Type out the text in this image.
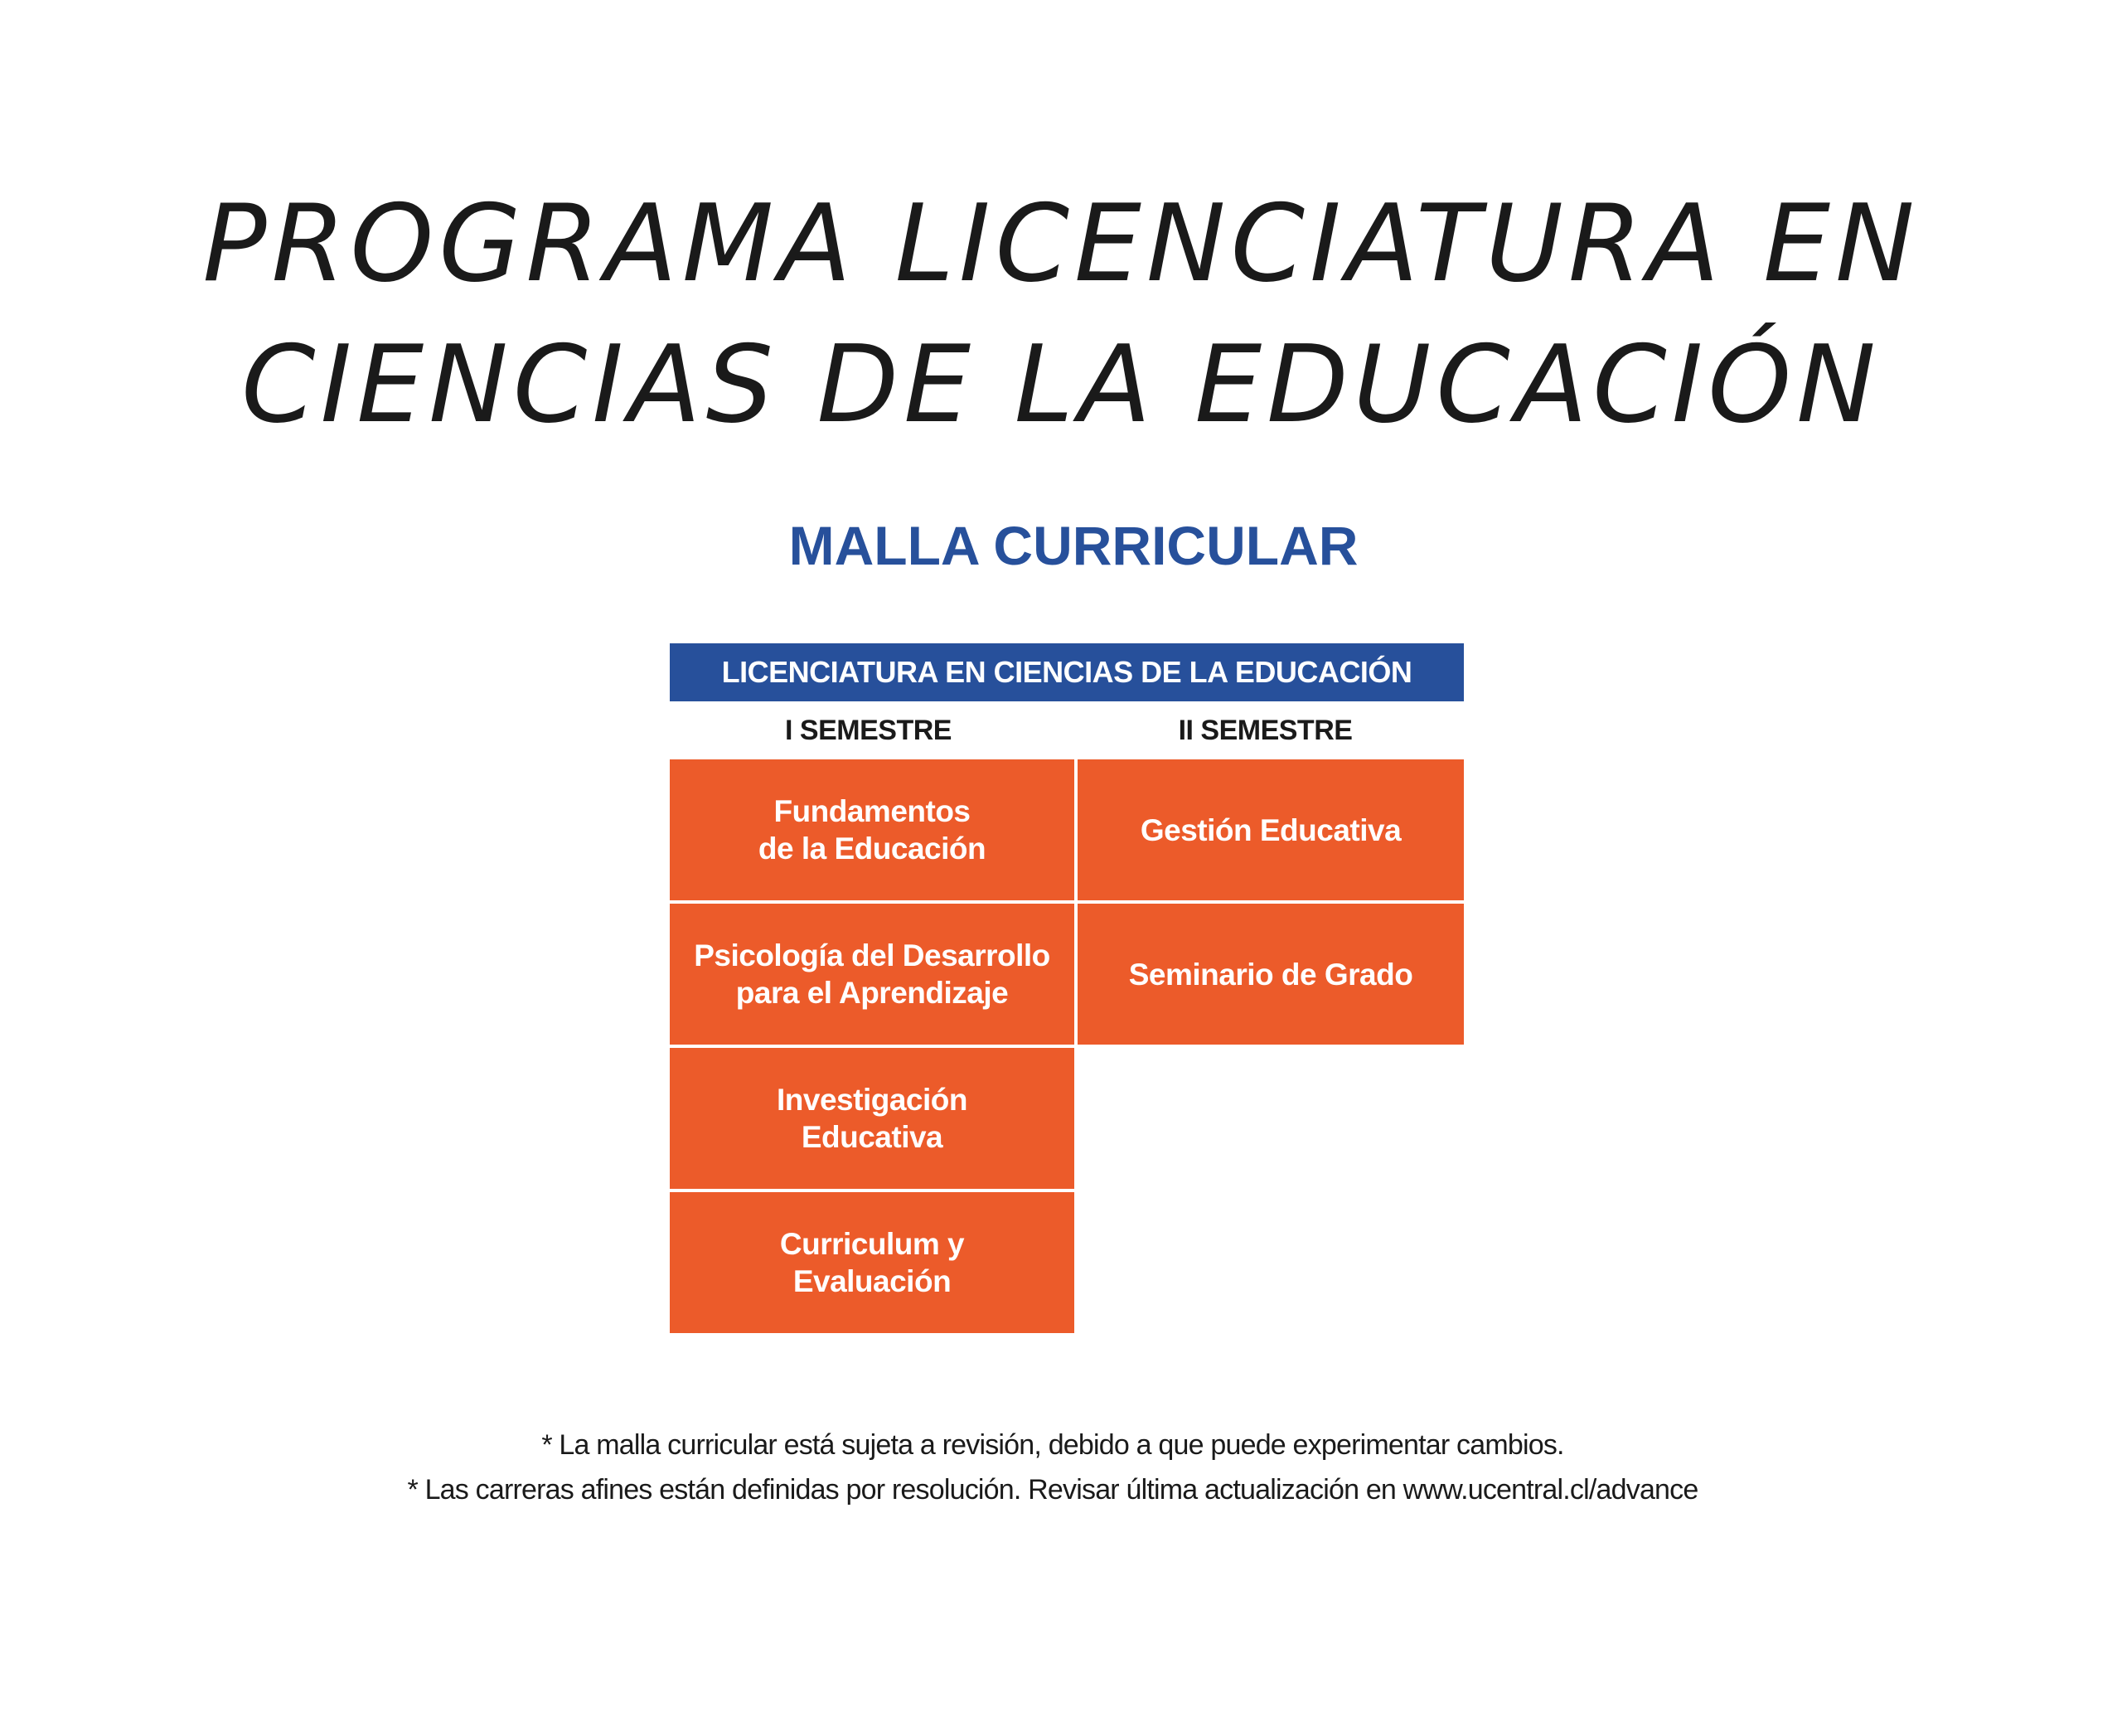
PROGRAMA LICENCIATURA EN
CIENCIAS DE LA EDUCACIÓN
MALLA CURRICULAR
LICENCIATURA EN CIENCIAS DE LA EDUCACIÓN
I SEMESTRE	II SEMESTRE
Fundamentos
de la Educación
Gestión Educativa
Psicología del Desarrollo
para el Aprendizaje
Seminario de Grado
Investigación
Educativa
Curriculum y
Evaluación
* La malla curricular está sujeta a revisión, debido a que puede experimentar cambios.
* Las carreras afines están definidas por resolución. Revisar última actualización en www.ucentral.cl/advance
